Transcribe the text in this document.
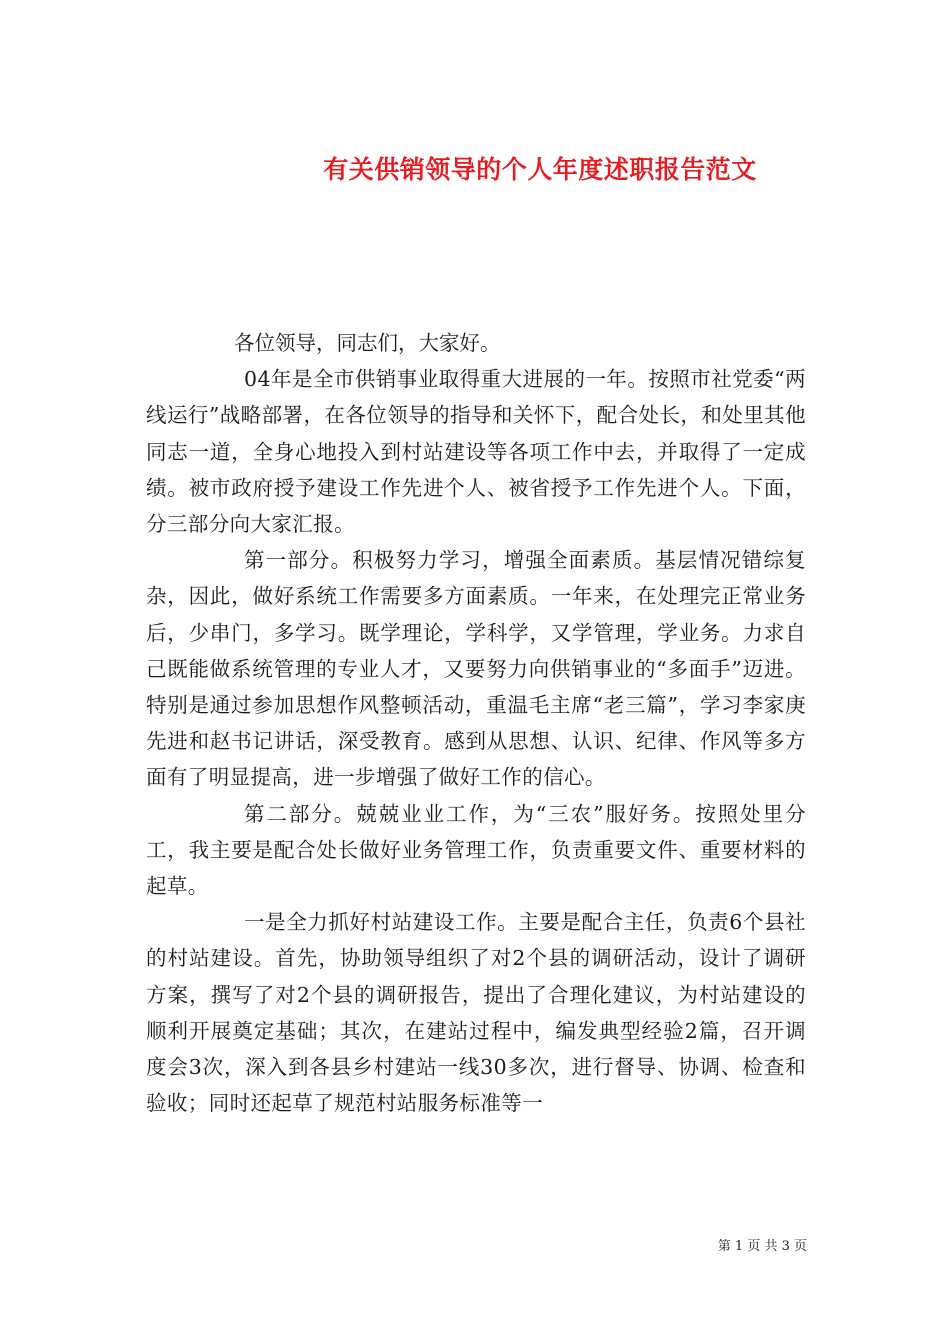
有关供销领导的个人年度述职报告范文

各位领导，同志们，大家好。

04年是全市供销事业取得重大进展的一年。按照市社党委“两线运行”战略部署，在各位领导的指导和关怀下，配合处长，和处里其他同志一道，全身心地投入到村站建设等各项工作中去，并取得了一定成绩。被市政府授予建设工作先进个人、被省授予工作先进个人。下面，分三部分向大家汇报。

第一部分。积极努力学习，增强全面素质。基层情况错综复杂，因此，做好系统工作需要多方面素质。一年来，在处理完正常业务后，少串门，多学习。既学理论，学科学，又学管理，学业务。力求自己既能做系统管理的专业人才，又要努力向供销事业的“多面手”迈进。特别是通过参加思想作风整顿活动，重温毛主席“老三篇”，学习李家庚先进和赵书记讲话，深受教育。感到从思想、认识、纪律、作风等多方面有了明显提高，进一步增强了做好工作的信心。

第二部分。兢兢业业工作，为“三农”服好务。按照处里分工，我主要是配合处长做好业务管理工作，负责重要文件、重要材料的起草。

一是全力抓好村站建设工作。主要是配合主任，负责6个县社的村站建设。首先，协助领导组织了对2个县的调研活动，设计了调研方案，撰写了对2个县的调研报告，提出了合理化建议，为村站建设的顺利开展奠定基础；其次，在建站过程中，编发典型经验2篇，召开调度会3次，深入到各县乡村建站一线30多次，进行督导、协调、检查和验收；同时还起草了规范村站服务标准等一

第 1 页 共 3 页
